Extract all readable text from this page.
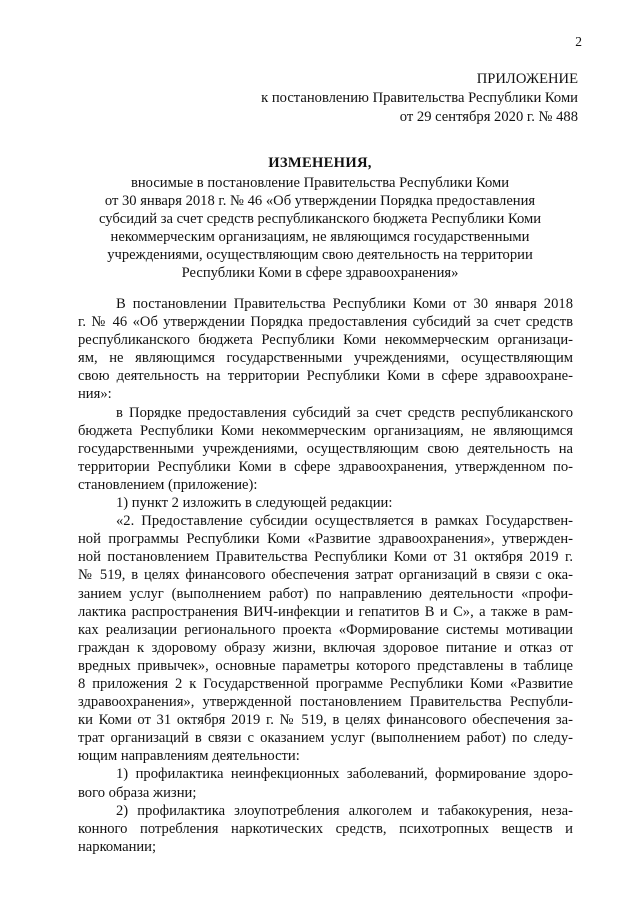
2
ПРИЛОЖЕНИЕ
к постановлению Правительства Республики Коми
от 29 сентября 2020 г. № 488
ИЗМЕНЕНИЯ,
вносимые в постановление Правительства Республики Коми
от 30 января 2018 г. № 46 «Об утверждении Порядка предоставления
субсидий за счет средств республиканского бюджета Республики Коми
некоммерческим организациям, не являющимся государственными
учреждениями, осуществляющим свою деятельность на территории
Республики Коми в сфере здравоохранения»

В постановлении Правительства Республики Коми от 30 января 2018
г. № 46 «Об утверждении Порядка предоставления субсидий за счет средств
республиканского бюджета Республики Коми некоммерческим организаци-
ям, не являющимся государственными учреждениями, осуществляющим
свою деятельность на территории Республики Коми в сфере здравоохране-
ния»:

в Порядке предоставления субсидий за счет средств республиканского
бюджета Республики Коми некоммерческим организациям, не являющимся
государственными учреждениями, осуществляющим свою деятельность на
территории Республики Коми в сфере здравоохранения, утвержденном по-
становлением (приложение):

1) пункт 2 изложить в следующей редакции:

«2. Предоставление субсидии осуществляется в рамках Государствен-
ной программы Республики Коми «Развитие здравоохранения», утвержден-
ной постановлением Правительства Республики Коми от 31 октября 2019 г.
№ 519, в целях финансового обеспечения затрат организаций в связи с ока-
занием услуг (выполнением работ) по направлению деятельности «профи-
лактика распространения ВИЧ-инфекции и гепатитов В и С», а также в рам-
ках реализации регионального проекта «Формирование системы мотивации
граждан к здоровому образу жизни, включая здоровое питание и отказ от
вредных привычек», основные параметры которого представлены в таблице
8 приложения 2 к Государственной программе Республики Коми «Развитие
здравоохранения», утвержденной постановлением Правительства Республи-
ки Коми от 31 октября 2019 г. № 519, в целях финансового обеспечения за-
трат организаций в связи с оказанием услуг (выполнением работ) по следу-
ющим направлениям деятельности:

1) профилактика неинфекционных заболеваний, формирование здоро-
вого образа жизни;

2) профилактика злоупотребления алкоголем и табакокурения, неза-
конного потребления наркотических средств, психотропных веществ и
наркомании;
